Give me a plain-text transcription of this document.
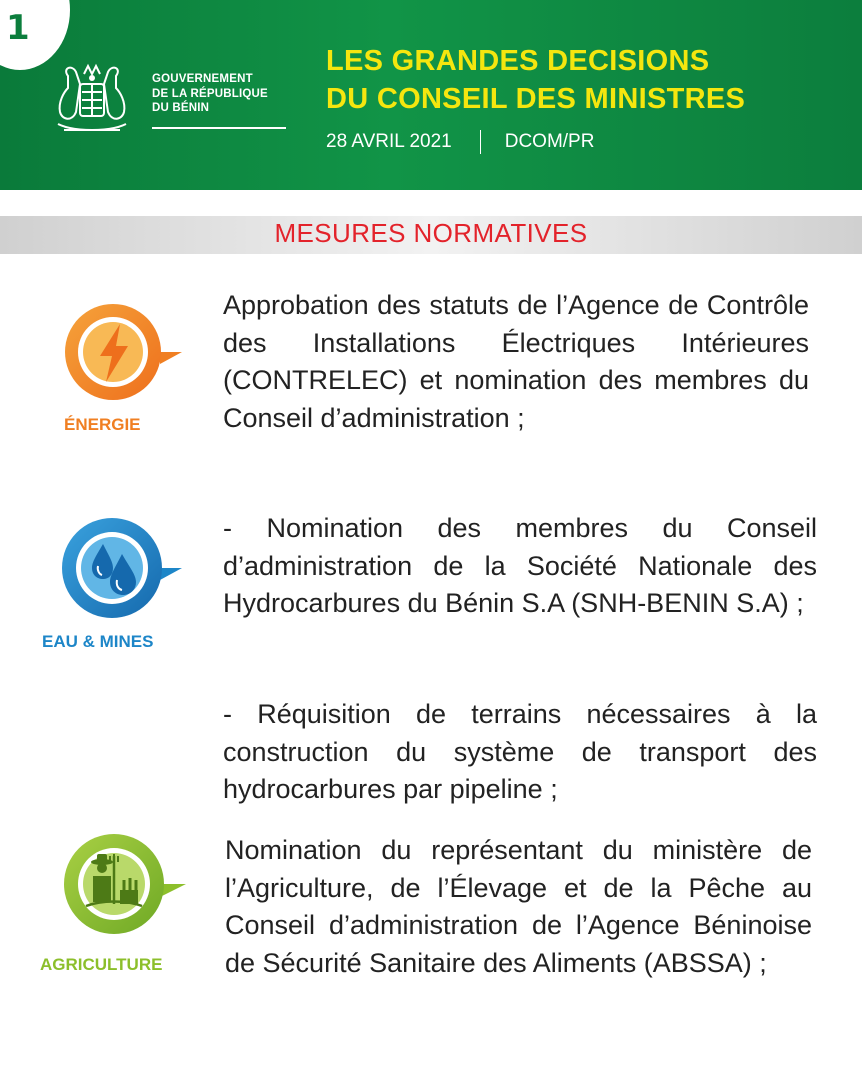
1
GOUVERNEMENT
DE LA RÉPUBLIQUE
DU BÉNIN
LES GRANDES DECISIONS
DU CONSEIL DES MINISTRES
28 AVRIL 2021	DCOM/PR
MESURES NORMATIVES
ÉNERGIE
Approbation des statuts de l’Agence de Contrôle des Installations Électriques Intérieures (CONTRELEC) et nomination des membres du Conseil d’administration ;
EAU & MINES
- Nomination des membres du Conseil d’administration de la Société Nationale des Hydrocarbures du Bénin S.A (SNH-BENIN S.A) ;
- Réquisition de terrains nécessaires à la construction du système de transport des hydrocarbures par pipeline ;
AGRICULTURE
Nomination du représentant du ministère de l’Agriculture, de l’Élevage et de la Pêche au Conseil d’administration de l’Agence Béninoise de Sécurité Sanitaire des Aliments (ABSSA) ;
